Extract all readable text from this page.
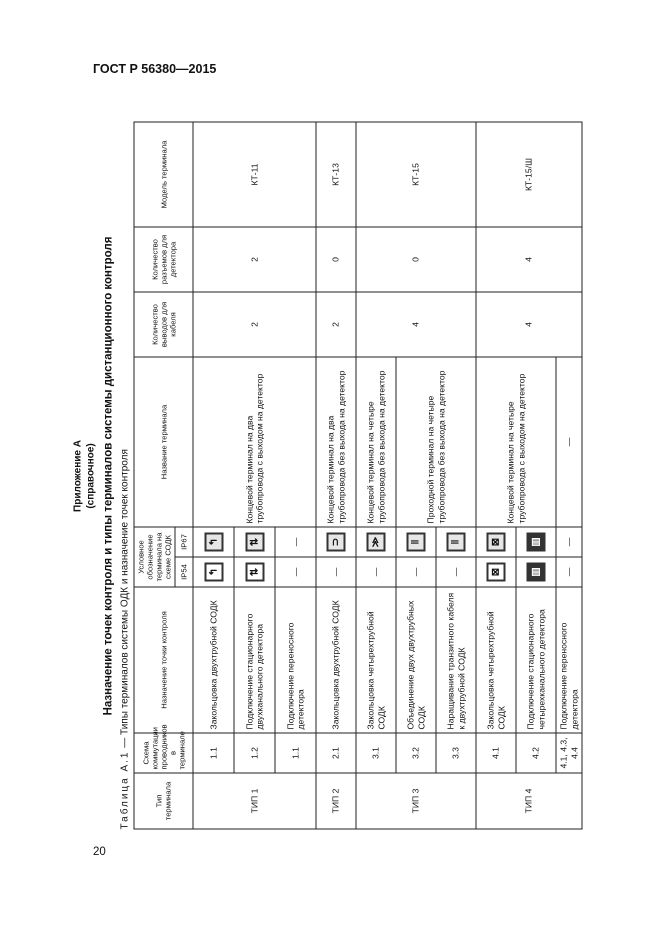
ГОСТ Р 56380—2015
20
Приложение А (справочное) Назначение точек контроля и типы терминалов системы дистанционного контроля
Таблица А.1 — Типы терминалов системы ОДК и назначение точек контроля
Тип терминала	Схема коммутации проводников в терминале	Назначение точки контроля	Условное обозначение терминала на схеме СОДК		Название терминала	Количество выводов для кабеля	Количество разъемов для детектора	Модель терминала
			IP54	IP67				
ТИП 1	1.1	Закольцовка двухтрубной СОДК	↰	↰	Концевой терминал на два трубопровода с выходом на детектор	2	2	КТ-11
	1.2	Подключение стационарного двухканального детектора	⇅	⇅				
	1.1	Подключение переносного детектора	—	—				
ТИП 2	2.1	Закольцовка двухтрубной СОДК	—	⊃	Концевой терминал на два трубопровода без выхода на детектор	2	0	КТ-13
ТИП 3	3.1	Закольцовка четырехтрубной СОДК	—	≫	Концевой терминал на четыре трубопровода без выхода на детектор	4	0	КТ-15
	3.2	Объединение двух двухтрубных СОДК	—	‖	Проходной терминал на четыре трубопровода без выхода на детектор			
	3.3	Наращивание транзитного кабеля к двухтрубной СОДК	—	‖				
ТИП 4	4.1	Закольцовка четырехтрубной СОДК	⊠	⊠	Концевой терминал на четыре трубопровода с выходом на детектор	4	4	КТ-15/Ш
	4.2	Подключение стационарного четырехканального детектора	▥	▥				
	4.1, 4.3, 4.4	Подключение переносного детектора	—	—	—			
